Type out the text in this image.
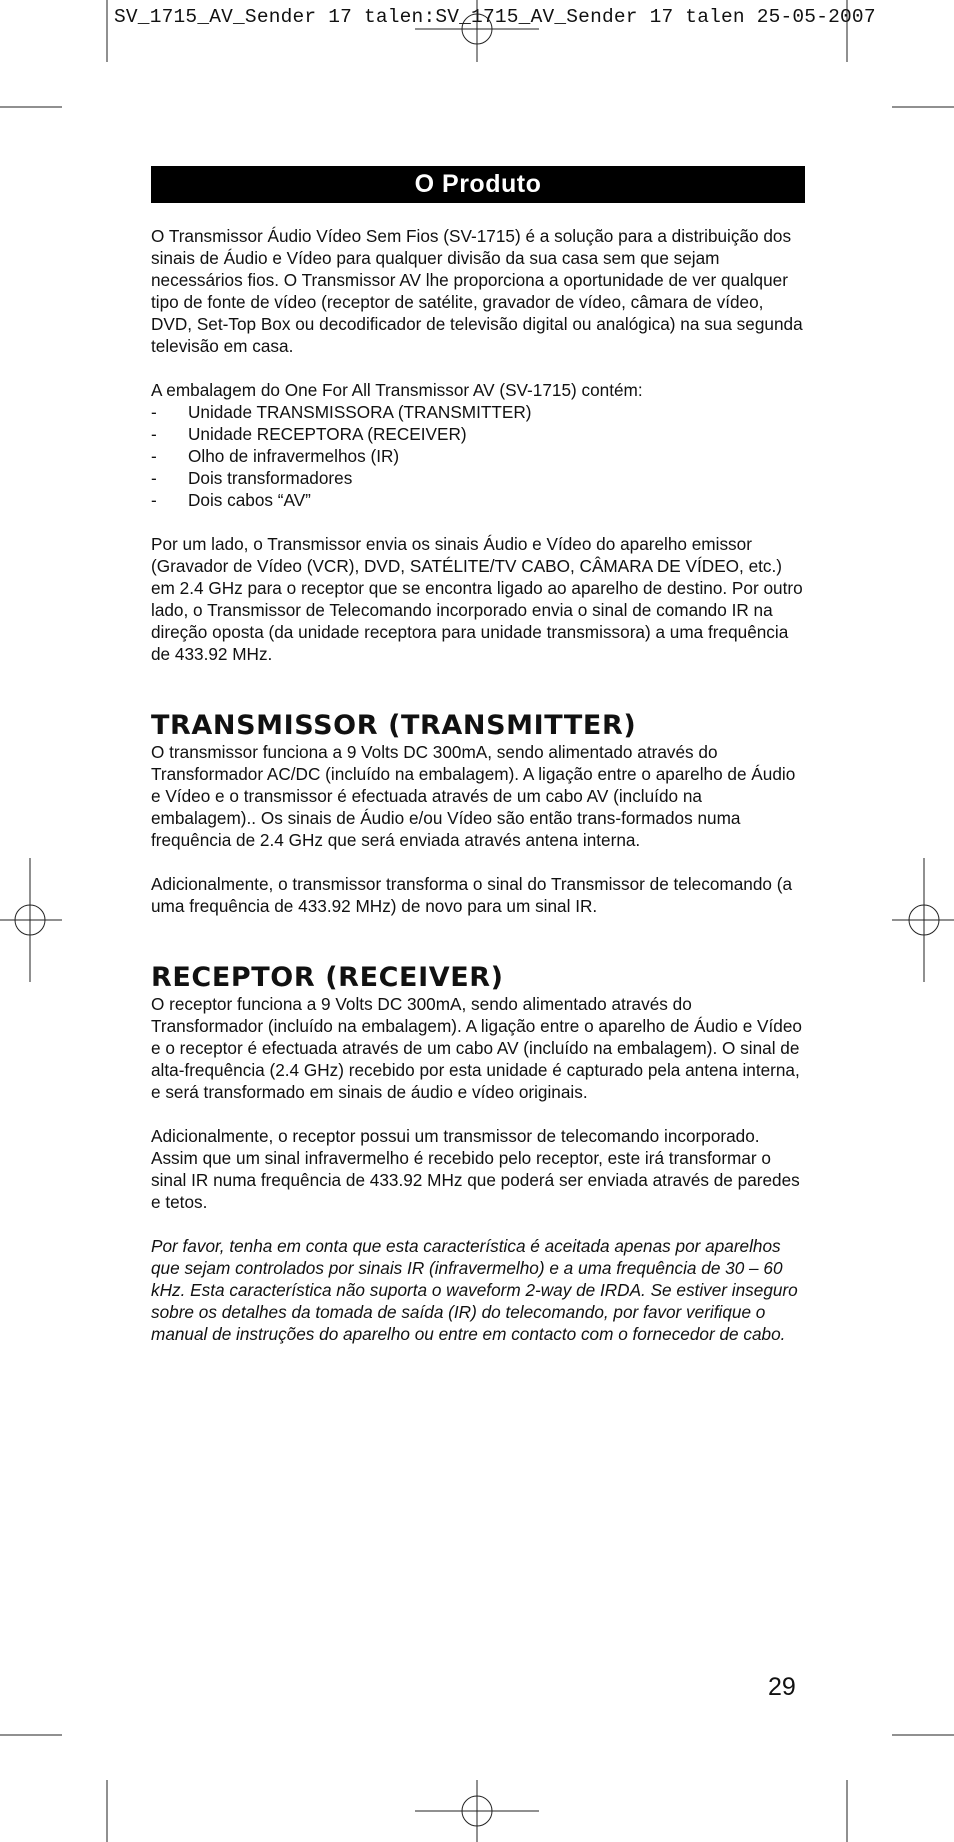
SV_1715_AV_Sender 17 talen:SV_1715_AV_Sender 17 talen 25-05-2007
O Produto

O Transmissor Áudio Vídeo Sem Fios (SV-1715) é a solução para a distribuição dos sinais de Áudio e Vídeo para qualquer divisão da sua casa sem que sejam necessários fios. O Transmissor AV lhe proporciona a oportunidade de ver qualquer tipo de fonte de vídeo (receptor de satélite, gravador de vídeo, câmara de vídeo, DVD, Set-Top Box ou decodificador de televisão digital ou analógica) na sua segunda televisão em casa.

A embalagem do One For All Transmissor AV (SV-1715) contém:

- Unidade TRANSMISSORA (TRANSMITTER)
- Unidade RECEPTORA (RECEIVER)
- Olho de infravermelhos (IR)
- Dois transformadores
- Dois cabos “AV”

Por um lado, o Transmissor envia os sinais Áudio e Vídeo do aparelho emissor (Gravador de Vídeo (VCR), DVD, SATÉLITE/TV CABO, CÂMARA DE VÍDEO, etc.) em 2.4 GHz para o receptor que se encontra ligado ao aparelho de destino. Por outro lado, o Transmissor de Telecomando incorporado envia o sinal de comando IR na direção oposta (da unidade receptora para unidade transmissora) a uma frequência de 433.92 MHz.

TRANSMISSOR (TRANSMITTER)

O transmissor funciona a 9 Volts DC 300mA, sendo alimentado através do Transformador AC/DC (incluído na embalagem). A ligação entre o aparelho de Áudio e Vídeo e o transmissor é efectuada através de um cabo AV (incluído na embalagem).. Os sinais de Áudio e/ou Vídeo são então trans-formados numa frequência de 2.4 GHz que será enviada através antena interna.

Adicionalmente, o transmissor transforma o sinal do Transmissor de telecomando (a uma frequência de 433.92 MHz) de novo para um sinal IR.

RECEPTOR (RECEIVER)

O receptor funciona a 9 Volts DC 300mA, sendo alimentado através do Transformador (incluído na embalagem). A ligação entre o aparelho de Áudio e Vídeo e o receptor é efectuada através de um cabo AV (incluído na embalagem). O sinal de alta-frequência (2.4 GHz) recebido por esta unidade é capturado pela antena interna, e será transformado em sinais de áudio e vídeo originais.

Adicionalmente, o receptor possui um transmissor de telecomando incorporado. Assim que um sinal infravermelho é recebido pelo receptor, este irá transformar o sinal IR numa frequência de 433.92 MHz que poderá ser enviada através de paredes e tetos.

Por favor, tenha em conta que esta característica é aceitada apenas por aparelhos que sejam controlados por sinais IR (infravermelho) e a uma frequência de 30 – 60 kHz. Esta característica não suporta o waveform 2-way de IRDA. Se estiver inseguro sobre os detalhes da tomada de saída (IR) do telecomando, por favor verifique o manual de instruções do aparelho ou entre em contacto com o fornecedor de cabo.

29
